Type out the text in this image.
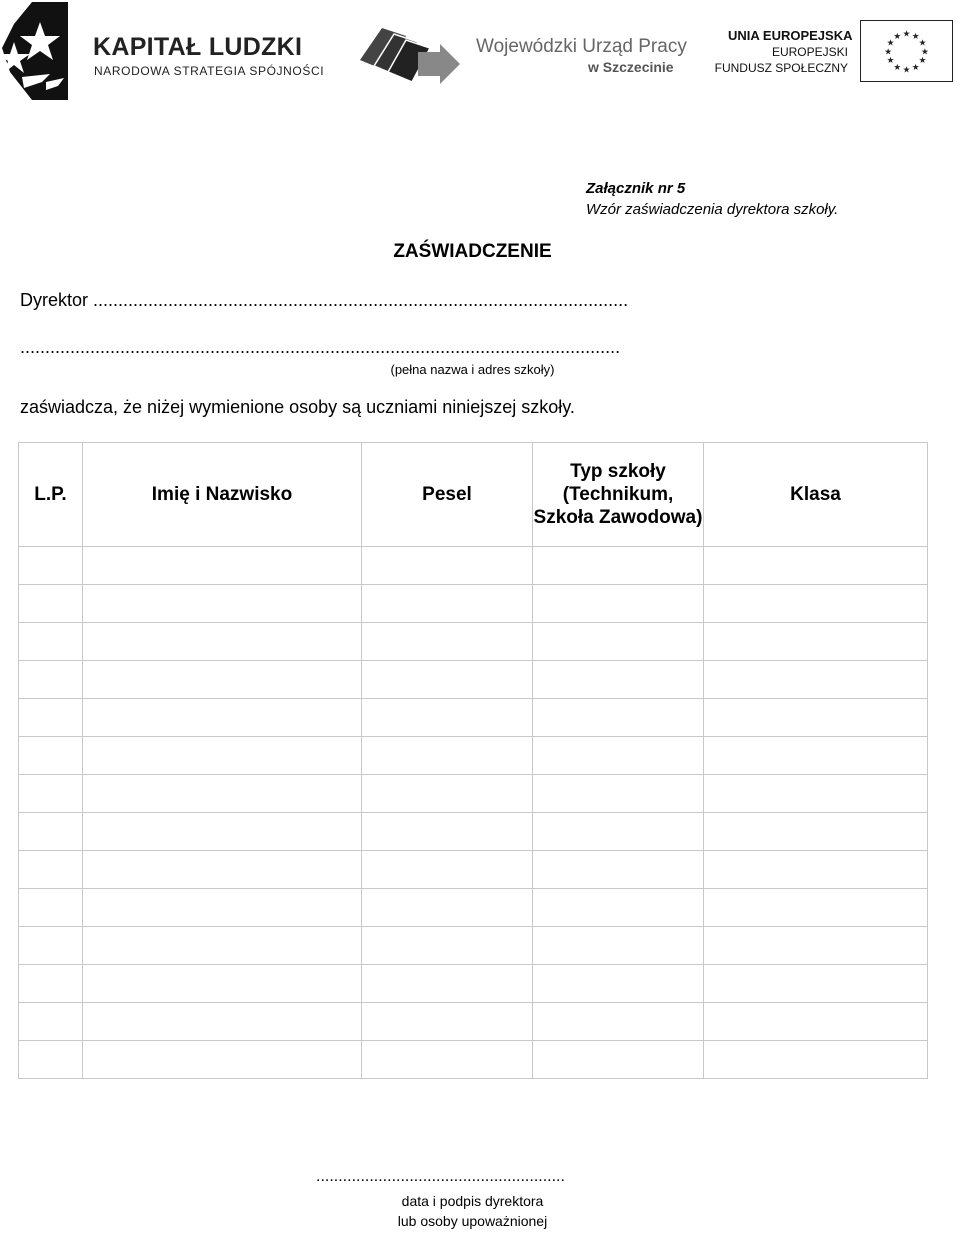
KAPITAŁ LUDZKI
NARODOWA STRATEGIA SPÓJNOŚCI
Wojewódzki Urząd Pracy
w Szczecinie
UNIA EUROPEJSKA
EUROPEJSKI
FUNDUSZ SPOŁECZNY
★ ★
★
★
★
★
★
★
★
★
★
★
Załącznik nr 5
Wzór zaświadczenia dyrektora szkoły.
ZAŚWIADCZENIE
Dyrektor ...........................................................................................................
........................................................................................................................
(pełna nazwa i adres szkoły)
zaświadcza, że niżej wymienione osoby są uczniami niniejszej szkoły.
L.P.	Imię i Nazwisko	Pesel	Typ szkoły (Technikum, Szkoła Zawodowa)	Klasa

........................................................
data i podpis dyrektora
lub osoby upoważnionej
